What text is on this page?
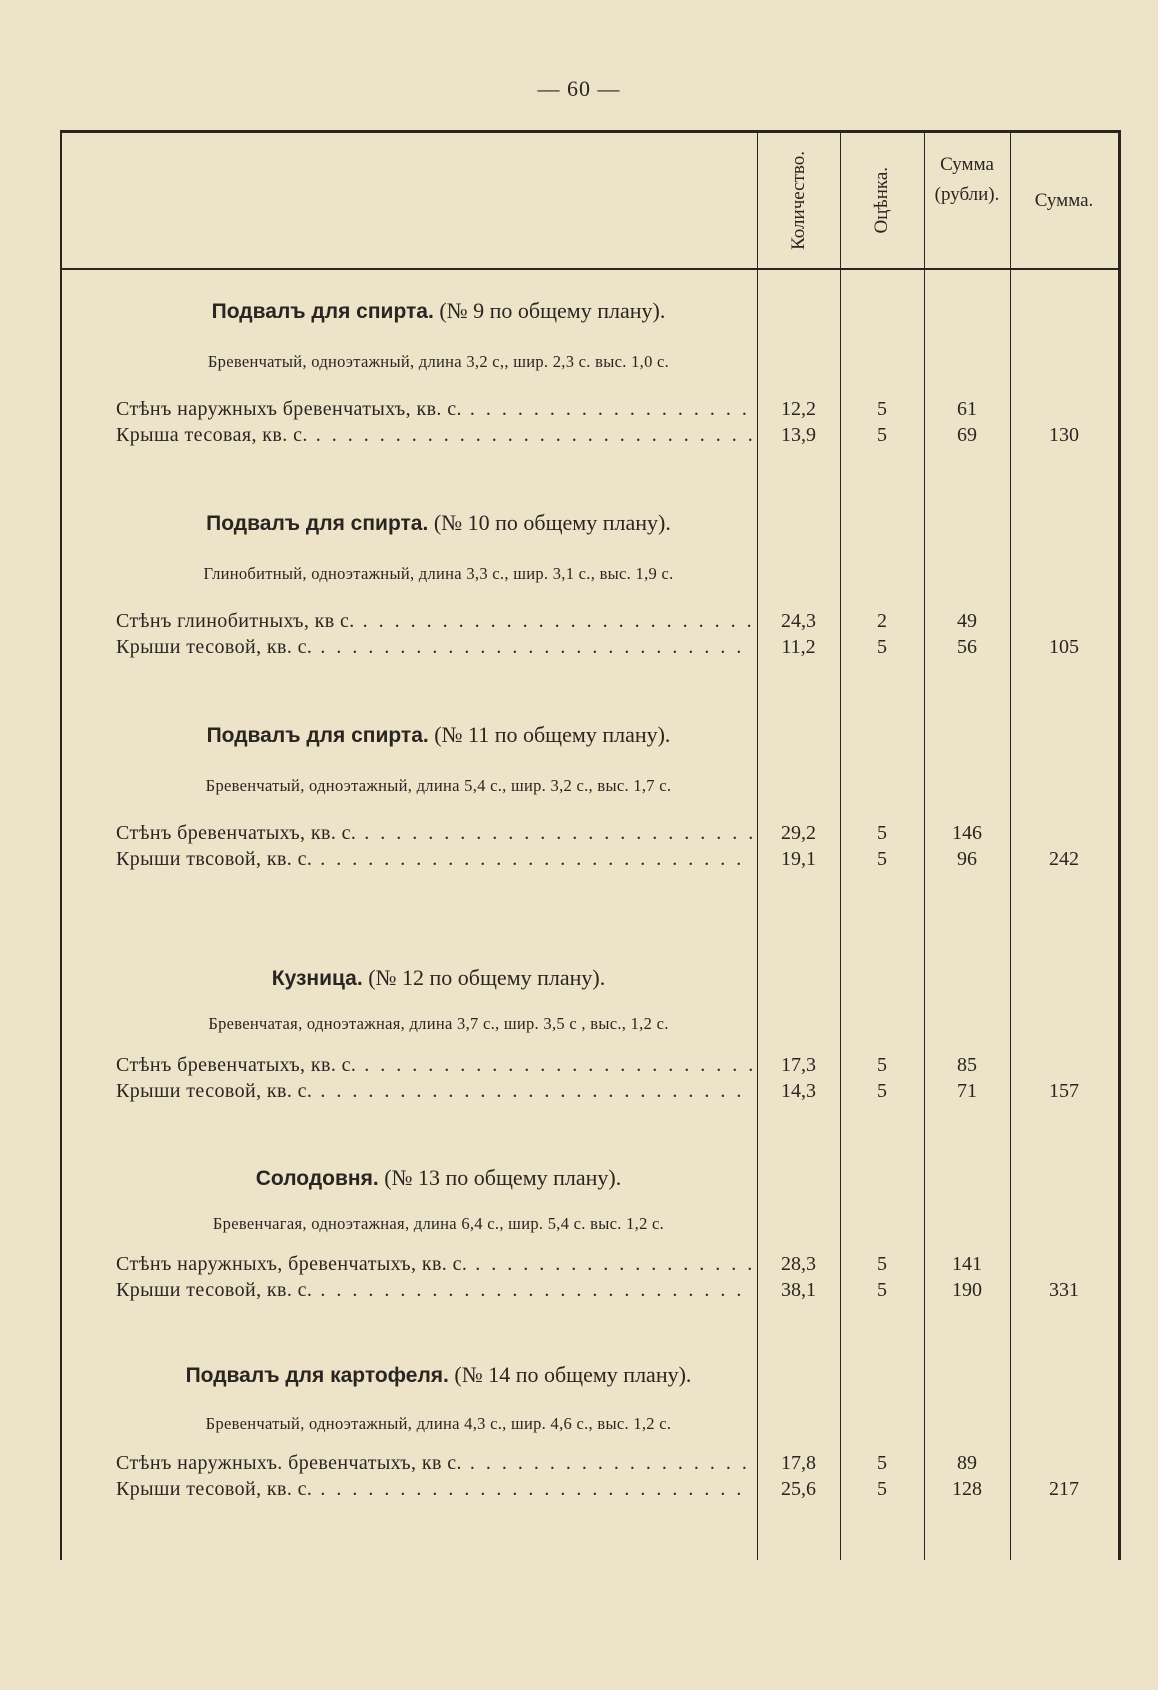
— 60 —
Количество.	Оцѣнка.
Сумма
(рубли).	Сумма.
Подвалъ для спирта. (№ 9 по общему плану).
Бревенчатый, одноэтажный, длина 3,2 с,, шир. 2,3 с. выс. 1,0 с.
Стѣнъ наружныхъ бревенчатыхъ, кв. с. . . .	12,2	5	61
Крыша тесовая, кв. с. . . .	13,9	5	69	130
Подвалъ для спирта. (№ 10 по общему плану).
Глинобитный, одноэтажный, длина 3,3 с., шир. 3,1 с., выс. 1,9 с.
Стѣнъ глинобитныхъ, кв с. . . .	24,3	2	49
Крыши тесовой, кв. с. . . .	11,2	5	56	105
Подвалъ для спирта. (№ 11 по общему плану).
Бревенчатый, одноэтажный, длина 5,4 с., шир. 3,2 с., выс. 1,7 с.
Стѣнъ бревенчатыхъ, кв. с. . . .	29,2	5	146
Крыши твсовой, кв. с. . . .	19,1	5	96	242
Кузница. (№ 12 по общему плану).
Бревенчатая, одноэтажная, длина 3,7 с., шир. 3,5 с , выс., 1,2 с.
Стѣнъ бревенчатыхъ, кв. с. . . .	17,3	5	85
Крыши тесовой, кв. с. . . .	14,3	5	71	157
Солодовня. (№ 13 по общему плану).
Бревенчагая, одноэтажная, длина 6,4 с., шир. 5,4 с. выс. 1,2 с.
Стѣнъ наружныхъ, бревенчатыхъ, кв. с. . . .	28,3	5	141
Крыши тесовой, кв. с. . . .	38,1	5	190	331
Подвалъ для картофеля. (№ 14 по общему плану).
Бревенчатый, одноэтажный, длина 4,3 с., шир. 4,6 с., выс. 1,2 с.
Стѣнъ наружныхъ. бревенчатыхъ, кв с. . . .	17,8	5	89
Крыши тесовой, кв. с. . . .	25,6	5	128	217
